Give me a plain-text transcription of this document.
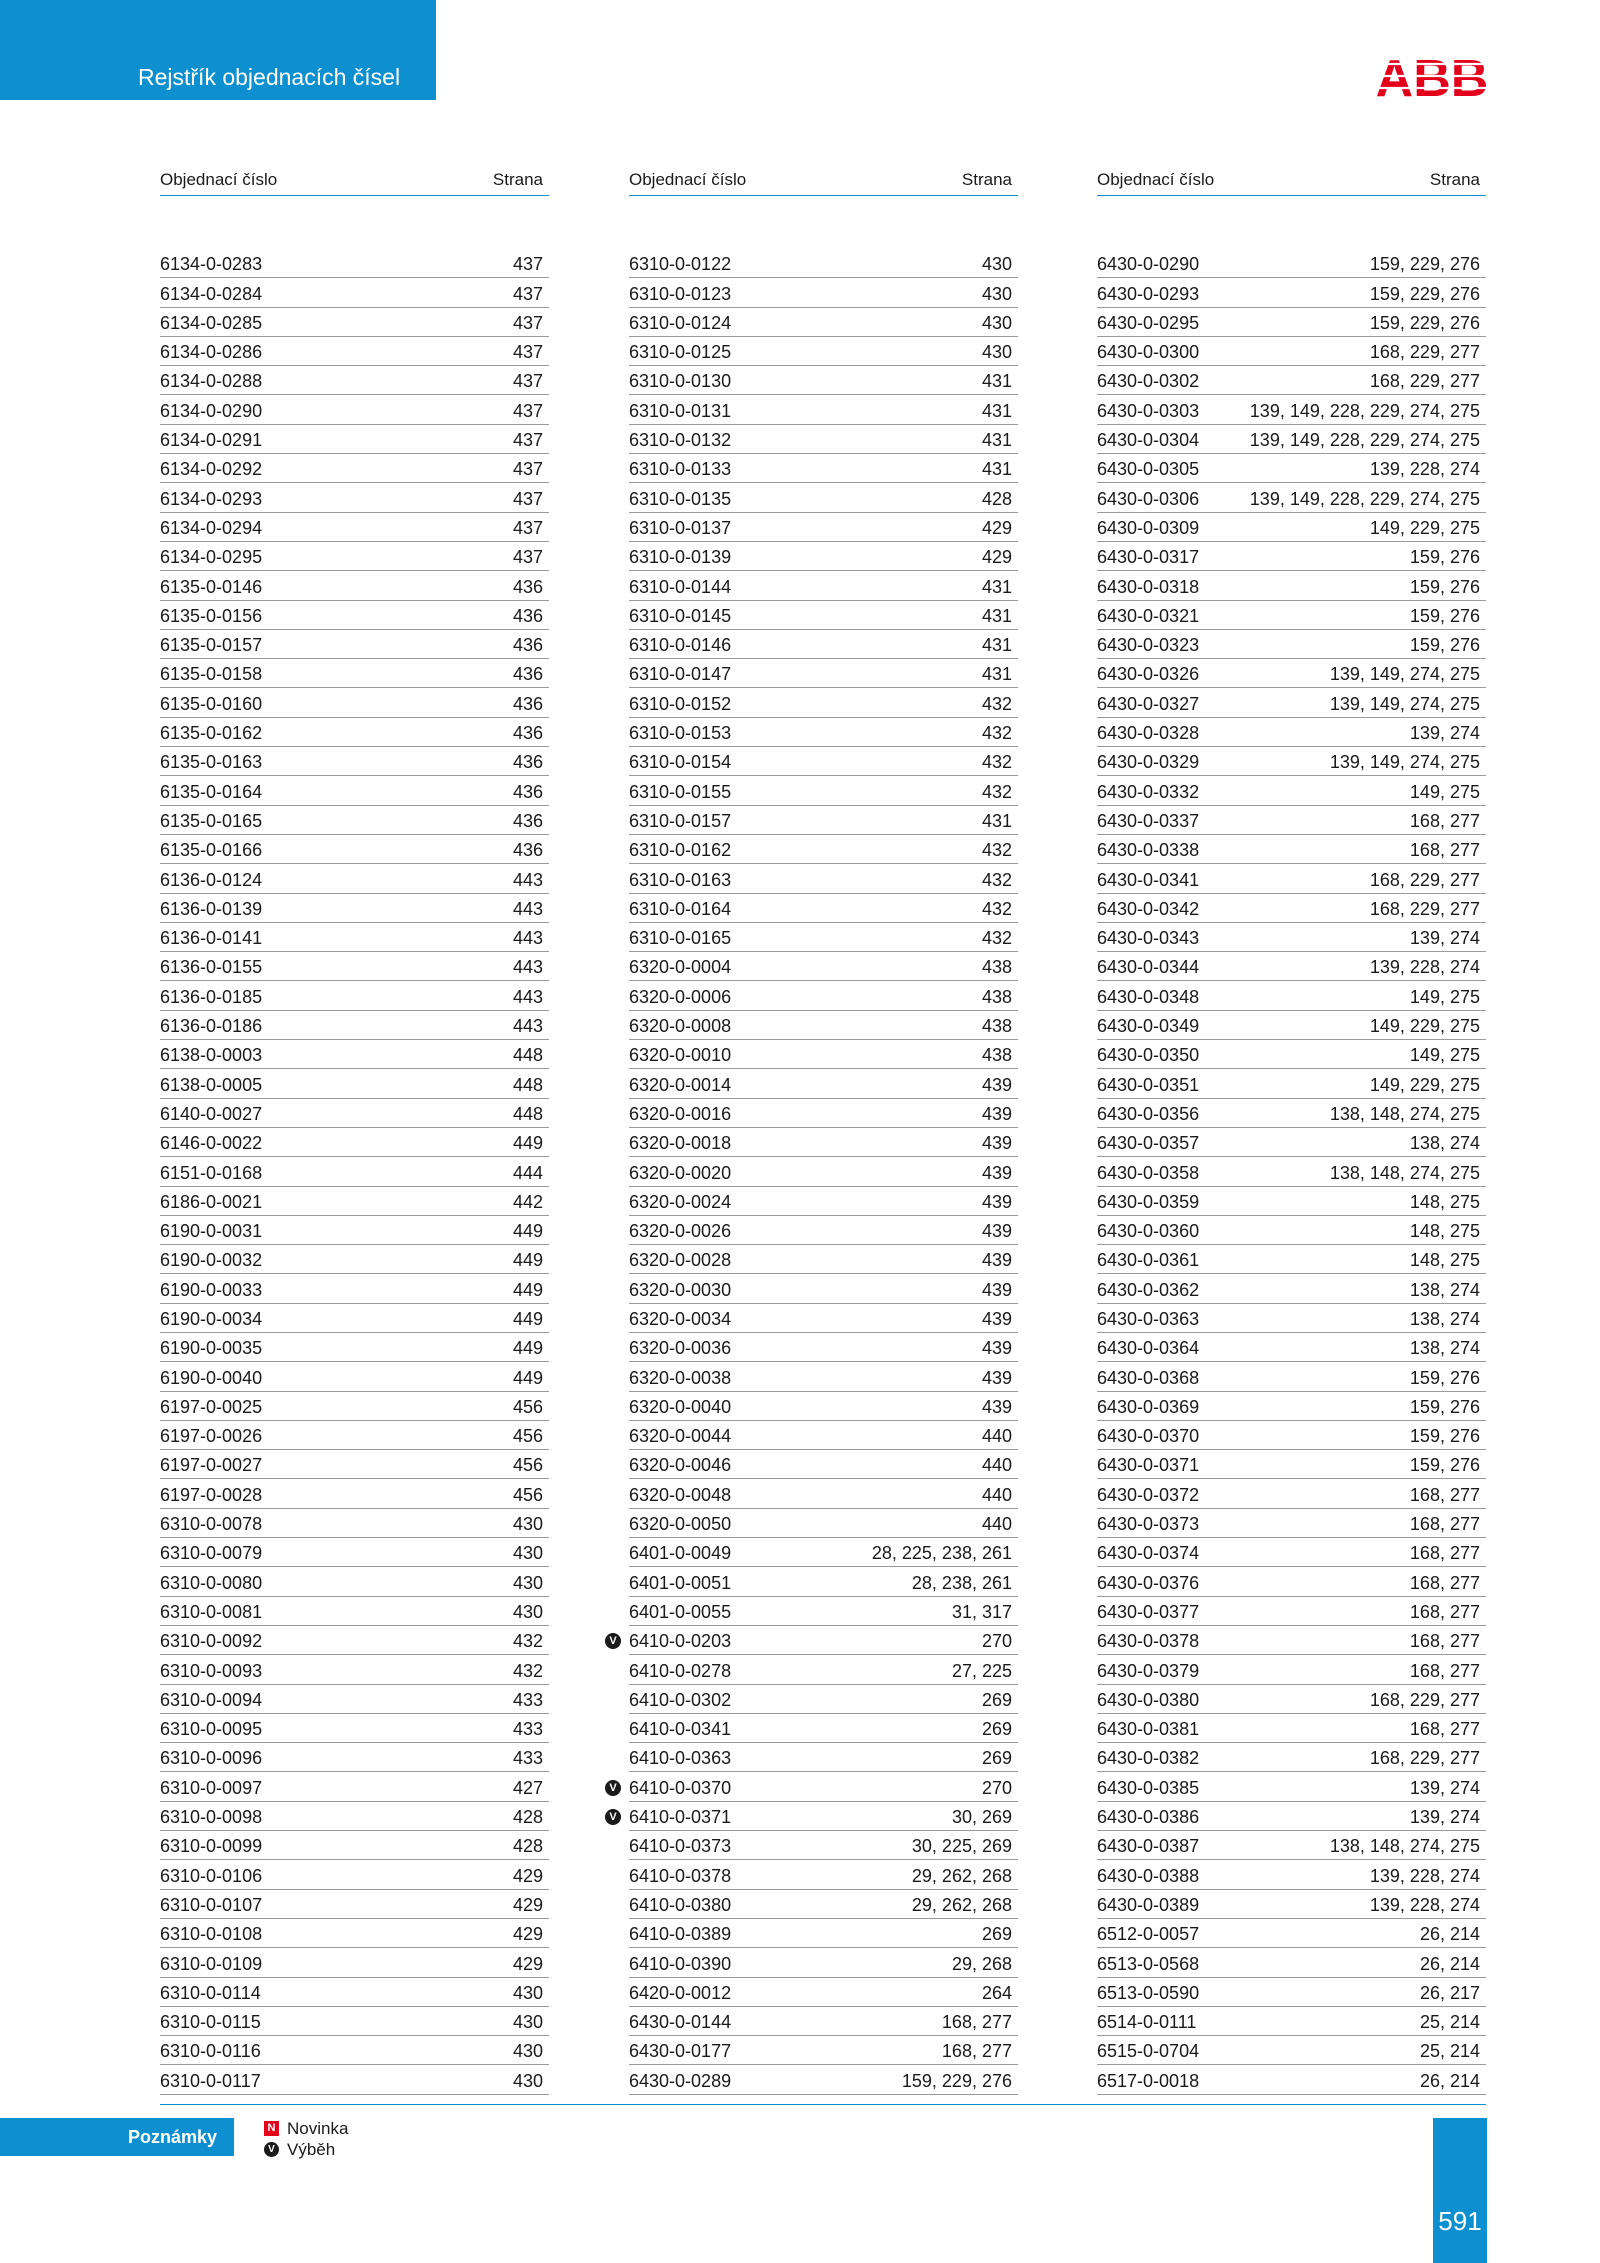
Rejstřík objednacích čísel	ABB
Objednací číslo	Strana
6134-0-0283	437
6134-0-0284	437
6134-0-0285	437
6134-0-0286	437
6134-0-0288	437
6134-0-0290	437
6134-0-0291	437
6134-0-0292	437
6134-0-0293	437
6134-0-0294	437
6134-0-0295	437
6135-0-0146	436
6135-0-0156	436
6135-0-0157	436
6135-0-0158	436
6135-0-0160	436
6135-0-0162	436
6135-0-0163	436
6135-0-0164	436
6135-0-0165	436
6135-0-0166	436
6136-0-0124	443
6136-0-0139	443
6136-0-0141	443
6136-0-0155	443
6136-0-0185	443
6136-0-0186	443
6138-0-0003	448
6138-0-0005	448
6140-0-0027	448
6146-0-0022	449
6151-0-0168	444
6186-0-0021	442
6190-0-0031	449
6190-0-0032	449
6190-0-0033	449
6190-0-0034	449
6190-0-0035	449
6190-0-0040	449
6197-0-0025	456
6197-0-0026	456
6197-0-0027	456
6197-0-0028	456
6310-0-0078	430
6310-0-0079	430
6310-0-0080	430
6310-0-0081	430
6310-0-0092	432
6310-0-0093	432
6310-0-0094	433
6310-0-0095	433
6310-0-0096	433
6310-0-0097	427
6310-0-0098	428
6310-0-0099	428
6310-0-0106	429
6310-0-0107	429
6310-0-0108	429
6310-0-0109	429
6310-0-0114	430
6310-0-0115	430
6310-0-0116	430
6310-0-0117	430
Objednací číslo	Strana
6310-0-0122	430
6310-0-0123	430
6310-0-0124	430
6310-0-0125	430
6310-0-0130	431
6310-0-0131	431
6310-0-0132	431
6310-0-0133	431
6310-0-0135	428
6310-0-0137	429
6310-0-0139	429
6310-0-0144	431
6310-0-0145	431
6310-0-0146	431
6310-0-0147	431
6310-0-0152	432
6310-0-0153	432
6310-0-0154	432
6310-0-0155	432
6310-0-0157	431
6310-0-0162	432
6310-0-0163	432
6310-0-0164	432
6310-0-0165	432
6320-0-0004	438
6320-0-0006	438
6320-0-0008	438
6320-0-0010	438
6320-0-0014	439
6320-0-0016	439
6320-0-0018	439
6320-0-0020	439
6320-0-0024	439
6320-0-0026	439
6320-0-0028	439
6320-0-0030	439
6320-0-0034	439
6320-0-0036	439
6320-0-0038	439
6320-0-0040	439
6320-0-0044	440
6320-0-0046	440
6320-0-0048	440
6320-0-0050	440
6401-0-0049	28, 225, 238, 261
6401-0-0051	28, 238, 261
6401-0-0055	31, 317
V 6410-0-0203	270
6410-0-0278	27, 225
6410-0-0302	269
6410-0-0341	269
6410-0-0363	269
V 6410-0-0370	270
V 6410-0-0371	30, 269
6410-0-0373	30, 225, 269
6410-0-0378	29, 262, 268
6410-0-0380	29, 262, 268
6410-0-0389	269
6410-0-0390	29, 268
6420-0-0012	264
6430-0-0144	168, 277
6430-0-0177	168, 277
6430-0-0289	159, 229, 276
Objednací číslo	Strana
6430-0-0290	159, 229, 276
6430-0-0293	159, 229, 276
6430-0-0295	159, 229, 276
6430-0-0300	168, 229, 277
6430-0-0302	168, 229, 277
6430-0-0303	139, 149, 228, 229, 274, 275
6430-0-0304	139, 149, 228, 229, 274, 275
6430-0-0305	139, 228, 274
6430-0-0306	139, 149, 228, 229, 274, 275
6430-0-0309	149, 229, 275
6430-0-0317	159, 276
6430-0-0318	159, 276
6430-0-0321	159, 276
6430-0-0323	159, 276
6430-0-0326	139, 149, 274, 275
6430-0-0327	139, 149, 274, 275
6430-0-0328	139, 274
6430-0-0329	139, 149, 274, 275
6430-0-0332	149, 275
6430-0-0337	168, 277
6430-0-0338	168, 277
6430-0-0341	168, 229, 277
6430-0-0342	168, 229, 277
6430-0-0343	139, 274
6430-0-0344	139, 228, 274
6430-0-0348	149, 275
6430-0-0349	149, 229, 275
6430-0-0350	149, 275
6430-0-0351	149, 229, 275
6430-0-0356	138, 148, 274, 275
6430-0-0357	138, 274
6430-0-0358	138, 148, 274, 275
6430-0-0359	148, 275
6430-0-0360	148, 275
6430-0-0361	148, 275
6430-0-0362	138, 274
6430-0-0363	138, 274
6430-0-0364	138, 274
6430-0-0368	159, 276
6430-0-0369	159, 276
6430-0-0370	159, 276
6430-0-0371	159, 276
6430-0-0372	168, 277
6430-0-0373	168, 277
6430-0-0374	168, 277
6430-0-0376	168, 277
6430-0-0377	168, 277
6430-0-0378	168, 277
6430-0-0379	168, 277
6430-0-0380	168, 229, 277
6430-0-0381	168, 277
6430-0-0382	168, 229, 277
6430-0-0385	139, 274
6430-0-0386	139, 274
6430-0-0387	138, 148, 274, 275
6430-0-0388	139, 228, 274
6430-0-0389	139, 228, 274
6512-0-0057	26, 214
6513-0-0568	26, 214
6513-0-0590	26, 217
6514-0-0111	25, 214
6515-0-0704	25, 214
6517-0-0018	26, 214
Poznámky	N Novinka
V Výběh
591
